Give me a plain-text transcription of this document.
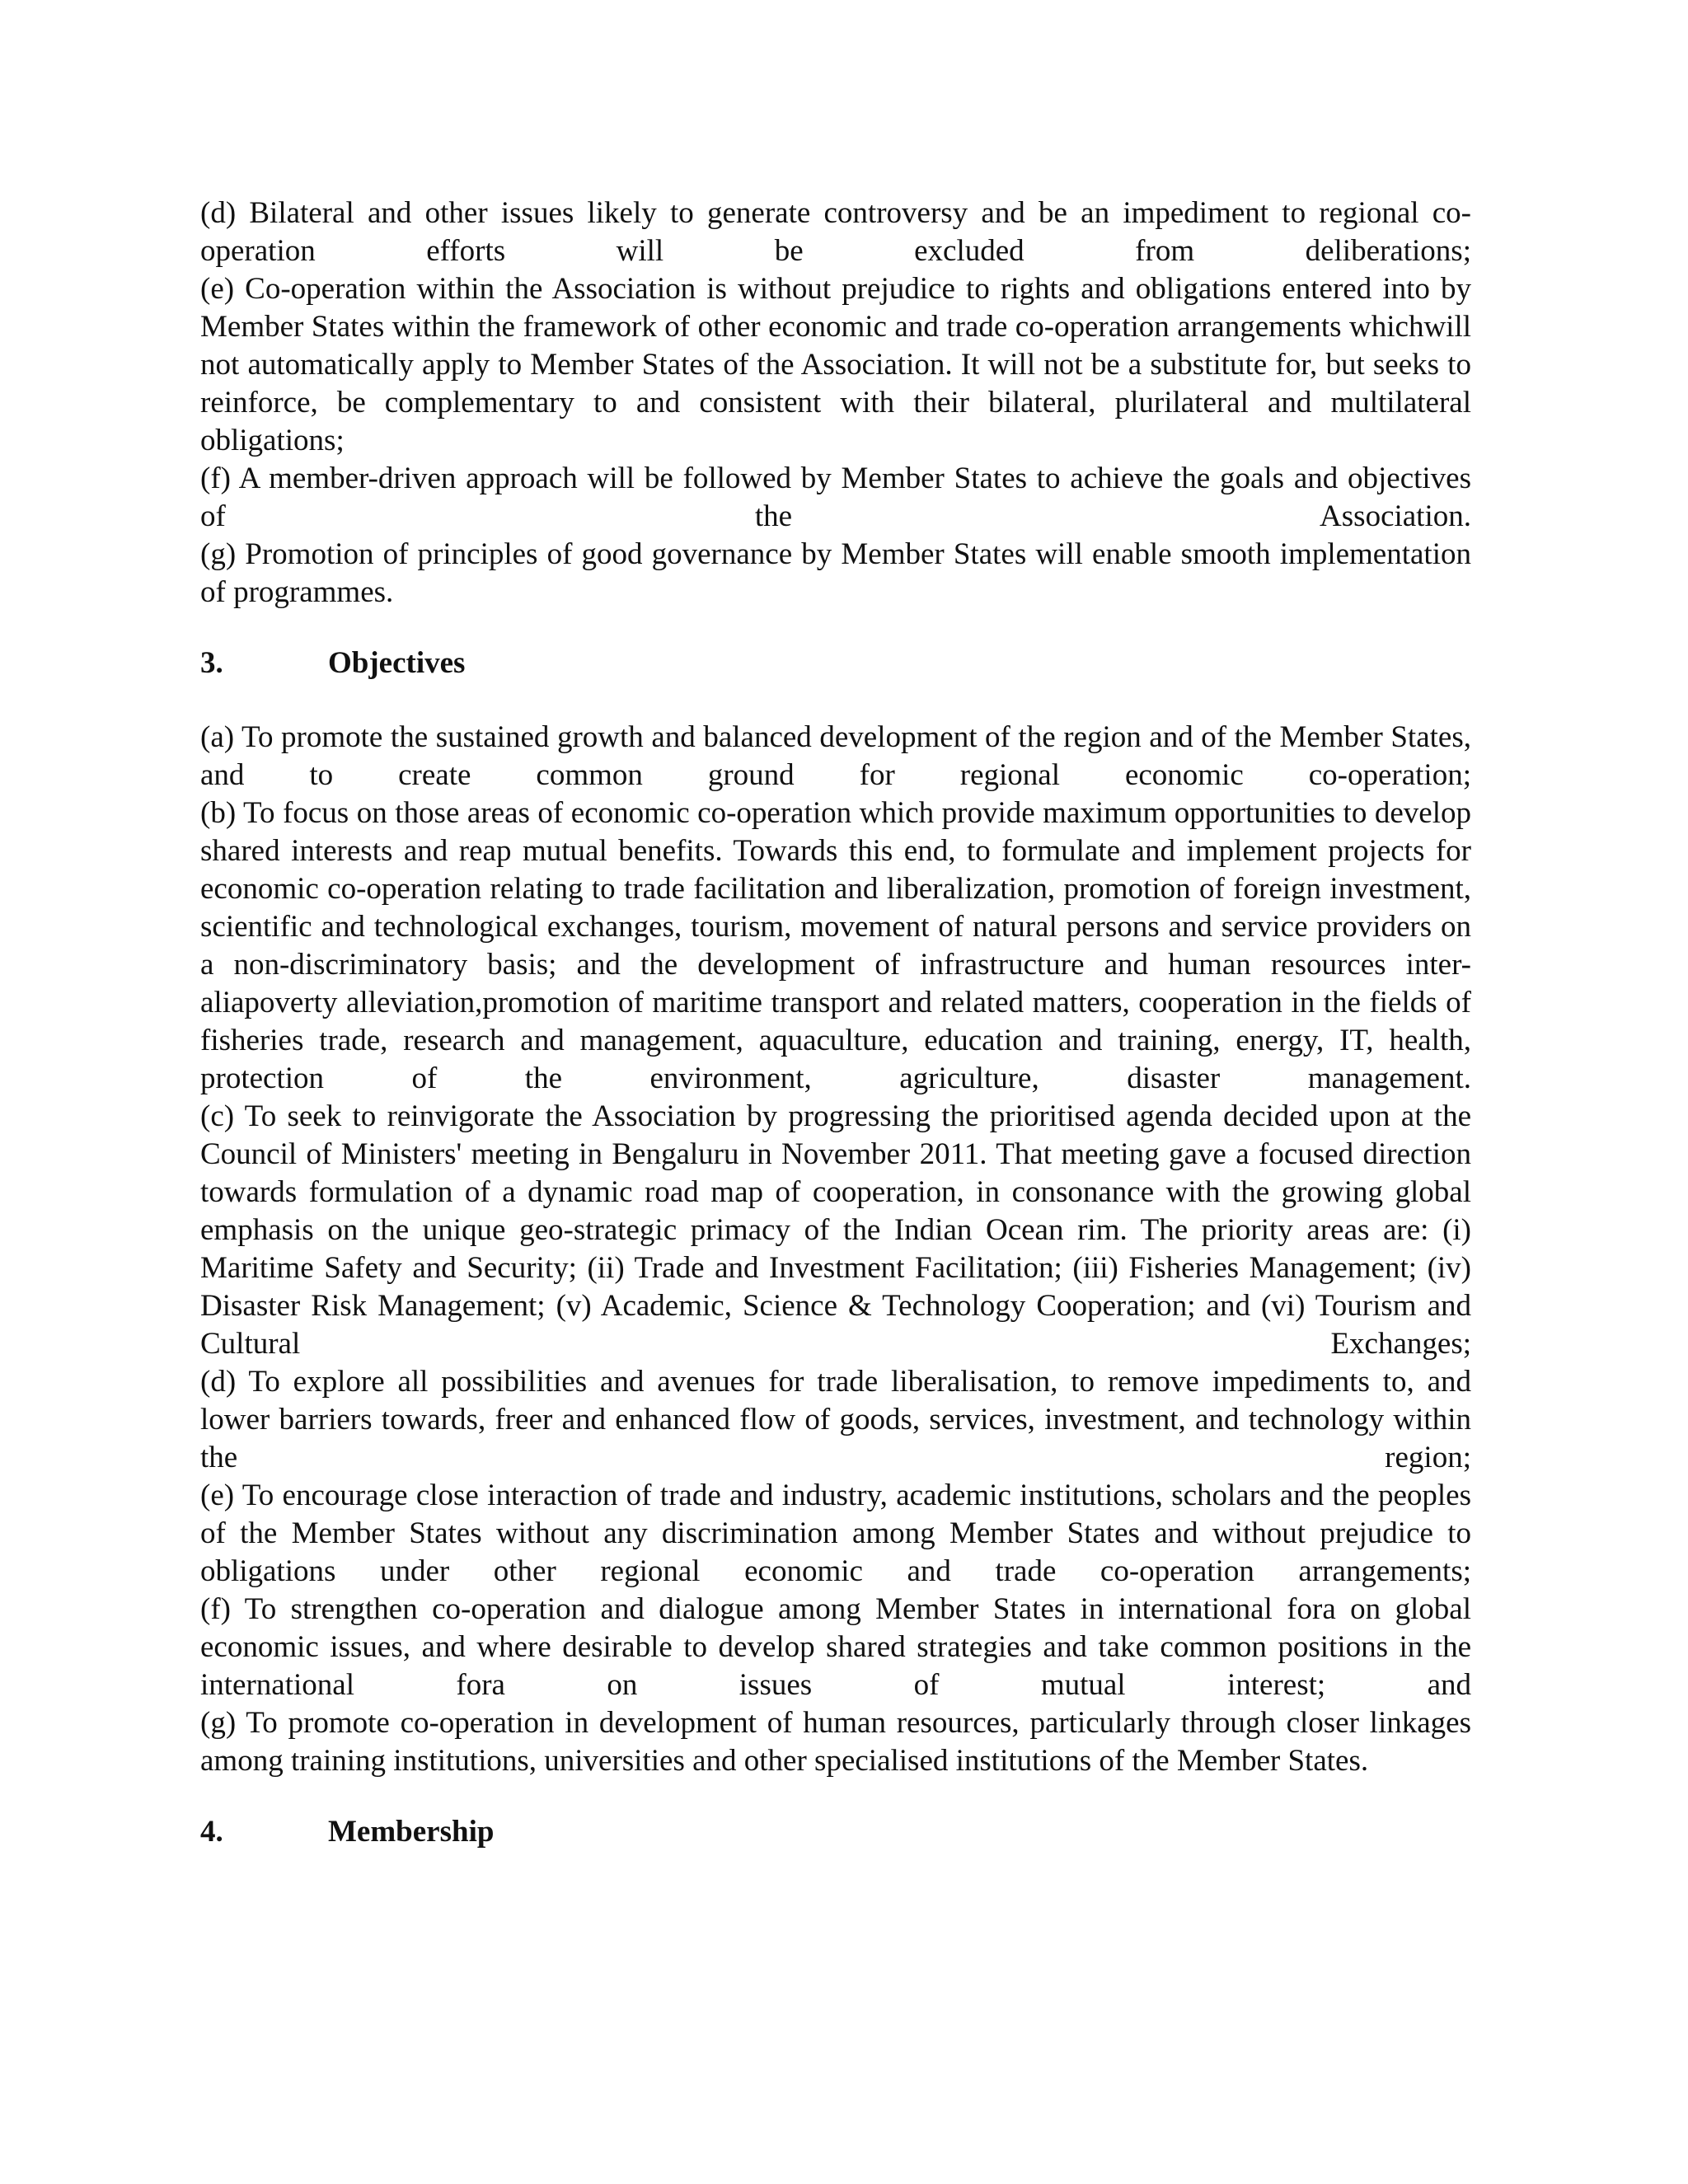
(d) Bilateral and other issues likely to generate controversy and be an impediment to regional co-operation efforts will be excluded from deliberations;
(e) Co-operation within the Association is without prejudice to rights and obligations entered into by Member States within the framework of other economic and trade co-operation arrangements whichwill not automatically apply to Member States of the Association. It will not be a substitute for, but seeks to reinforce, be complementary to and consistent with their bilateral, plurilateral and multilateral obligations;
(f) A member-driven approach will be followed by Member States to achieve the goals and objectives of the Association.
(g) Promotion of principles of good governance by Member States will enable smooth implementation of programmes.
3.	Objectives
(a) To promote the sustained growth and balanced development of the region and of the Member States, and to create common ground for regional economic co-operation;
(b) To focus on those areas of economic co-operation which provide maximum opportunities to develop shared interests and reap mutual benefits. Towards this end, to formulate and implement projects for economic co-operation relating to trade facilitation and liberalization, promotion of foreign investment, scientific and technological exchanges, tourism, movement of natural persons and service providers on a non-discriminatory basis; and the development of infrastructure and human resources inter-aliapoverty alleviation,promotion of maritime transport and related matters, cooperation in the fields of fisheries trade, research and management, aquaculture, education and training, energy, IT, health, protection of the environment, agriculture, disaster management.
(c) To seek to reinvigorate the Association by progressing the prioritised agenda decided upon at the Council of Ministers' meeting in Bengaluru in November 2011. That meeting gave a focused direction towards formulation of a dynamic road map of cooperation, in consonance with the growing global emphasis on the unique geo-strategic primacy of the Indian Ocean rim. The priority areas are: (i) Maritime Safety and Security; (ii) Trade and Investment Facilitation; (iii) Fisheries Management; (iv) Disaster Risk Management; (v) Academic, Science & Technology Cooperation; and (vi) Tourism and Cultural Exchanges;
(d) To explore all possibilities and avenues for trade liberalisation, to remove impediments to, and lower barriers towards, freer and enhanced flow of goods, services, investment, and technology within the region;
(e) To encourage close interaction of trade and industry, academic institutions, scholars and the peoples of the Member States without any discrimination among Member States and without prejudice to obligations under other regional economic and trade co-operation arrangements;
(f) To strengthen co-operation and dialogue among Member States in international fora on global economic issues, and where desirable to develop shared strategies and take common positions in the international fora on issues of mutual interest; and
(g) To promote co-operation in development of human resources, particularly through closer linkages among training institutions, universities and other specialised institutions of the Member States.
4.	Membership
